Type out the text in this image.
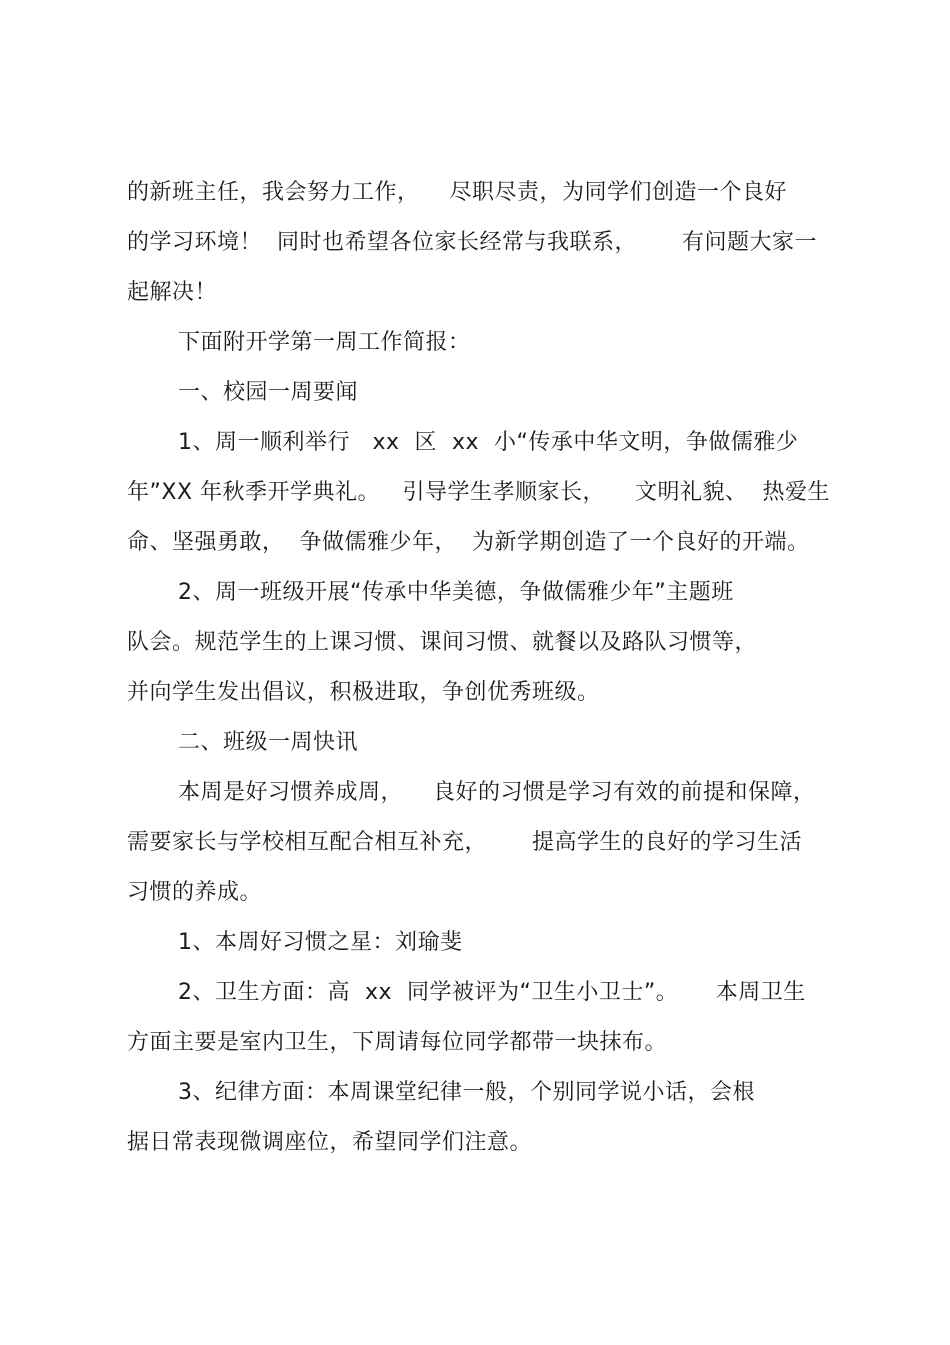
的新班主任，我会努力工作，    尽职尽责，为同学们创造一个良好
的学习环境！  同时也希望各位家长经常与我联系，      有问题大家一
起解决！
下面附开学第一周工作简报：
一、校园一周要闻
1、周一顺利举行   xx  区  xx  小“传承中华文明，争做儒雅少
年”XX 年秋季开学典礼。   引导学生孝顺家长，    文明礼貌、  热爱生
命、坚强勇敢，  争做儒雅少年，  为新学期创造了一个良好的开端。
2、周一班级开展“传承中华美德，争做儒雅少年”主题班
队会。规范学生的上课习惯、课间习惯、就餐以及路队习惯等，
并向学生发出倡议，积极进取，争创优秀班级。
二、班级一周快讯
本周是好习惯养成周，    良好的习惯是学习有效的前提和保障，
需要家长与学校相互配合相互补充，      提高学生的良好的学习生活
习惯的养成。
1、本周好习惯之星：刘瑜斐
2、卫生方面：高  xx  同学被评为“卫生小卫士”。     本周卫生
方面主要是室内卫生，下周请每位同学都带一块抹布。
3、纪律方面：本周课堂纪律一般，个别同学说小话，会根
据日常表现微调座位，希望同学们注意。
